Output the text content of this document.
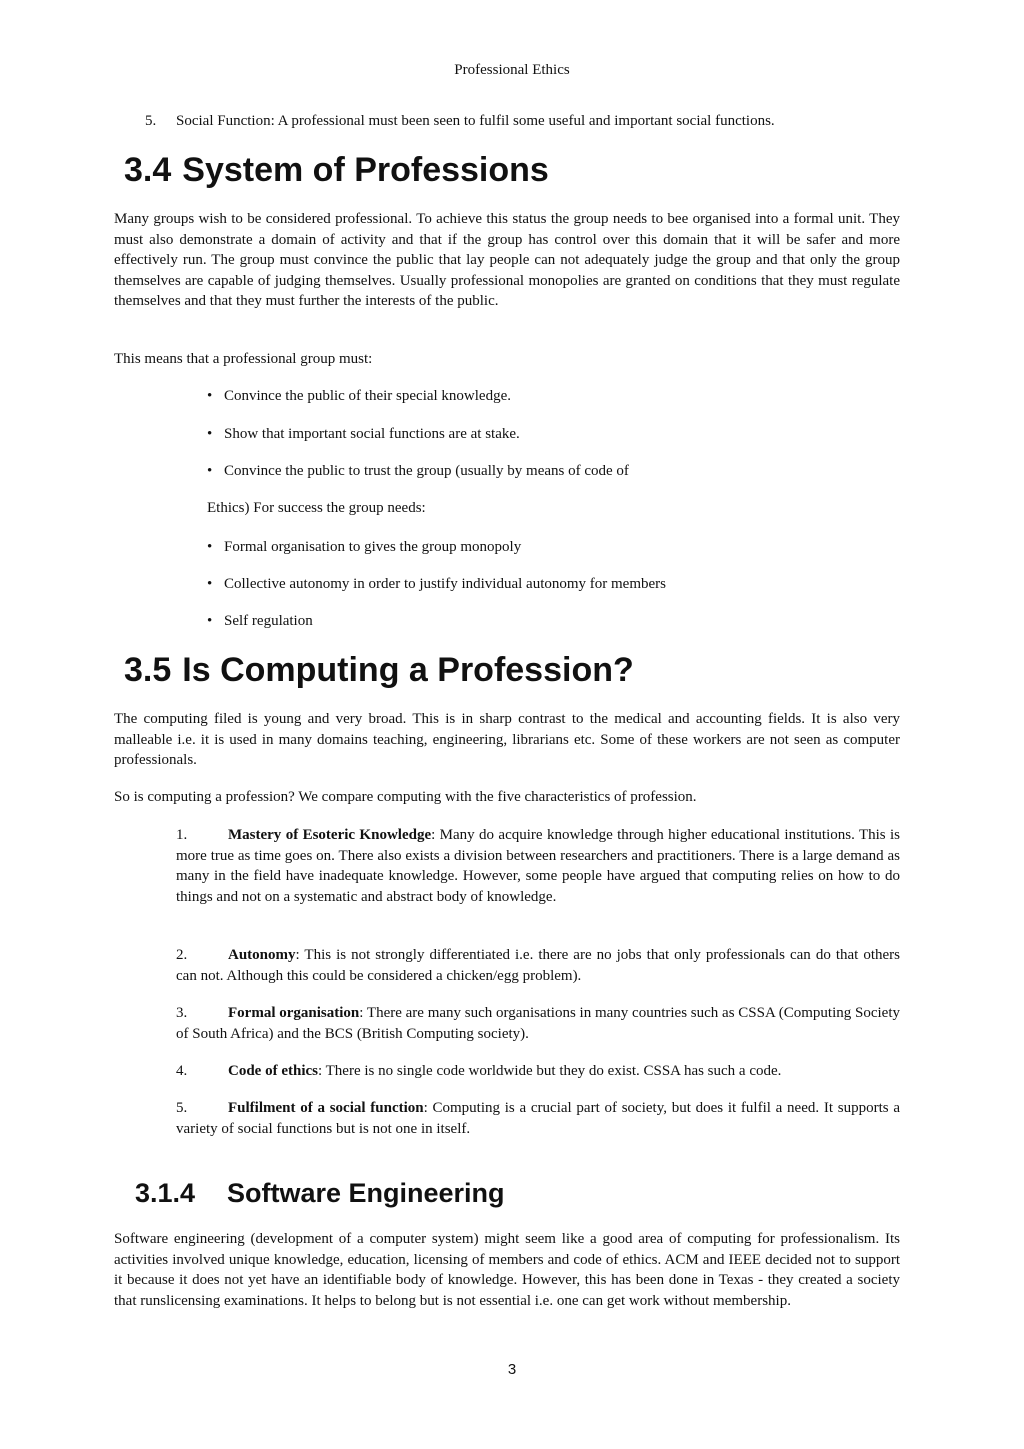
Professional Ethics
5. Social Function: A professional must been seen to fulfil some useful and important social functions.
3.4 System of Professions

Many groups wish to be considered professional. To achieve this status the group needs to bee organised into a formal unit. They must also demonstrate a domain of activity and that if the group has control over this domain that it will be safer and more effectively run. The group must convince the public that lay people can not adequately judge the group and that only the group themselves are capable of judging themselves. Usually professional monopolies are granted on conditions that they must regulate themselves and that they must further the interests of the public.

This means that a professional group must:
• Convince the public of their special knowledge.
• Show that important social functions are at stake.
• Convince the public to trust the group (usually by means of code of
Ethics) For success the group needs:
• Formal organisation to gives the group monopoly
• Collective autonomy in order to justify individual autonomy for members
• Self regulation
3.5 Is Computing a Profession?

The computing filed is young and very broad. This is in sharp contrast to the medical and accounting fields. It is also very malleable i.e. it is used in many domains teaching, engineering, librarians etc. Some of these workers are not seen as computer professionals.

So is computing a profession? We compare computing with the five characteristics of profession.

1.	Mastery of Esoteric Knowledge: Many do acquire knowledge through higher educational institutions. This is more true as time goes on. There also exists a division between researchers and practitioners. There is a large demand as many in the field have inadequate knowledge. However, some people have argued that computing relies on how to do things and not on a systematic and abstract body of knowledge.

2.	Autonomy: This is not strongly differentiated i.e. there are no jobs that only professionals can do that others can not. Although this could be considered a chicken/egg problem).

3.	Formal organisation: There are many such organisations in many countries such as CSSA (Computing Society of South Africa) and the BCS (British Computing society).

4.	Code of ethics: There is no single code worldwide but they do exist. CSSA has such a code.

5.	Fulfilment of a social function: Computing is a crucial part of society, but does it fulfil a need. It supports a variety of social functions but is not one in itself.

3.1.4 Software Engineering

Software engineering (development of a computer system) might seem like a good area of computing for professionalism. Its activities involved unique knowledge, education, licensing of members and code of ethics. ACM and IEEE decided not to support it because it does not yet have an identifiable body of knowledge. However, this has been done in Texas - they created a society that runslicensing examinations. It helps to belong but is not essential i.e. one can get work without membership.

3
